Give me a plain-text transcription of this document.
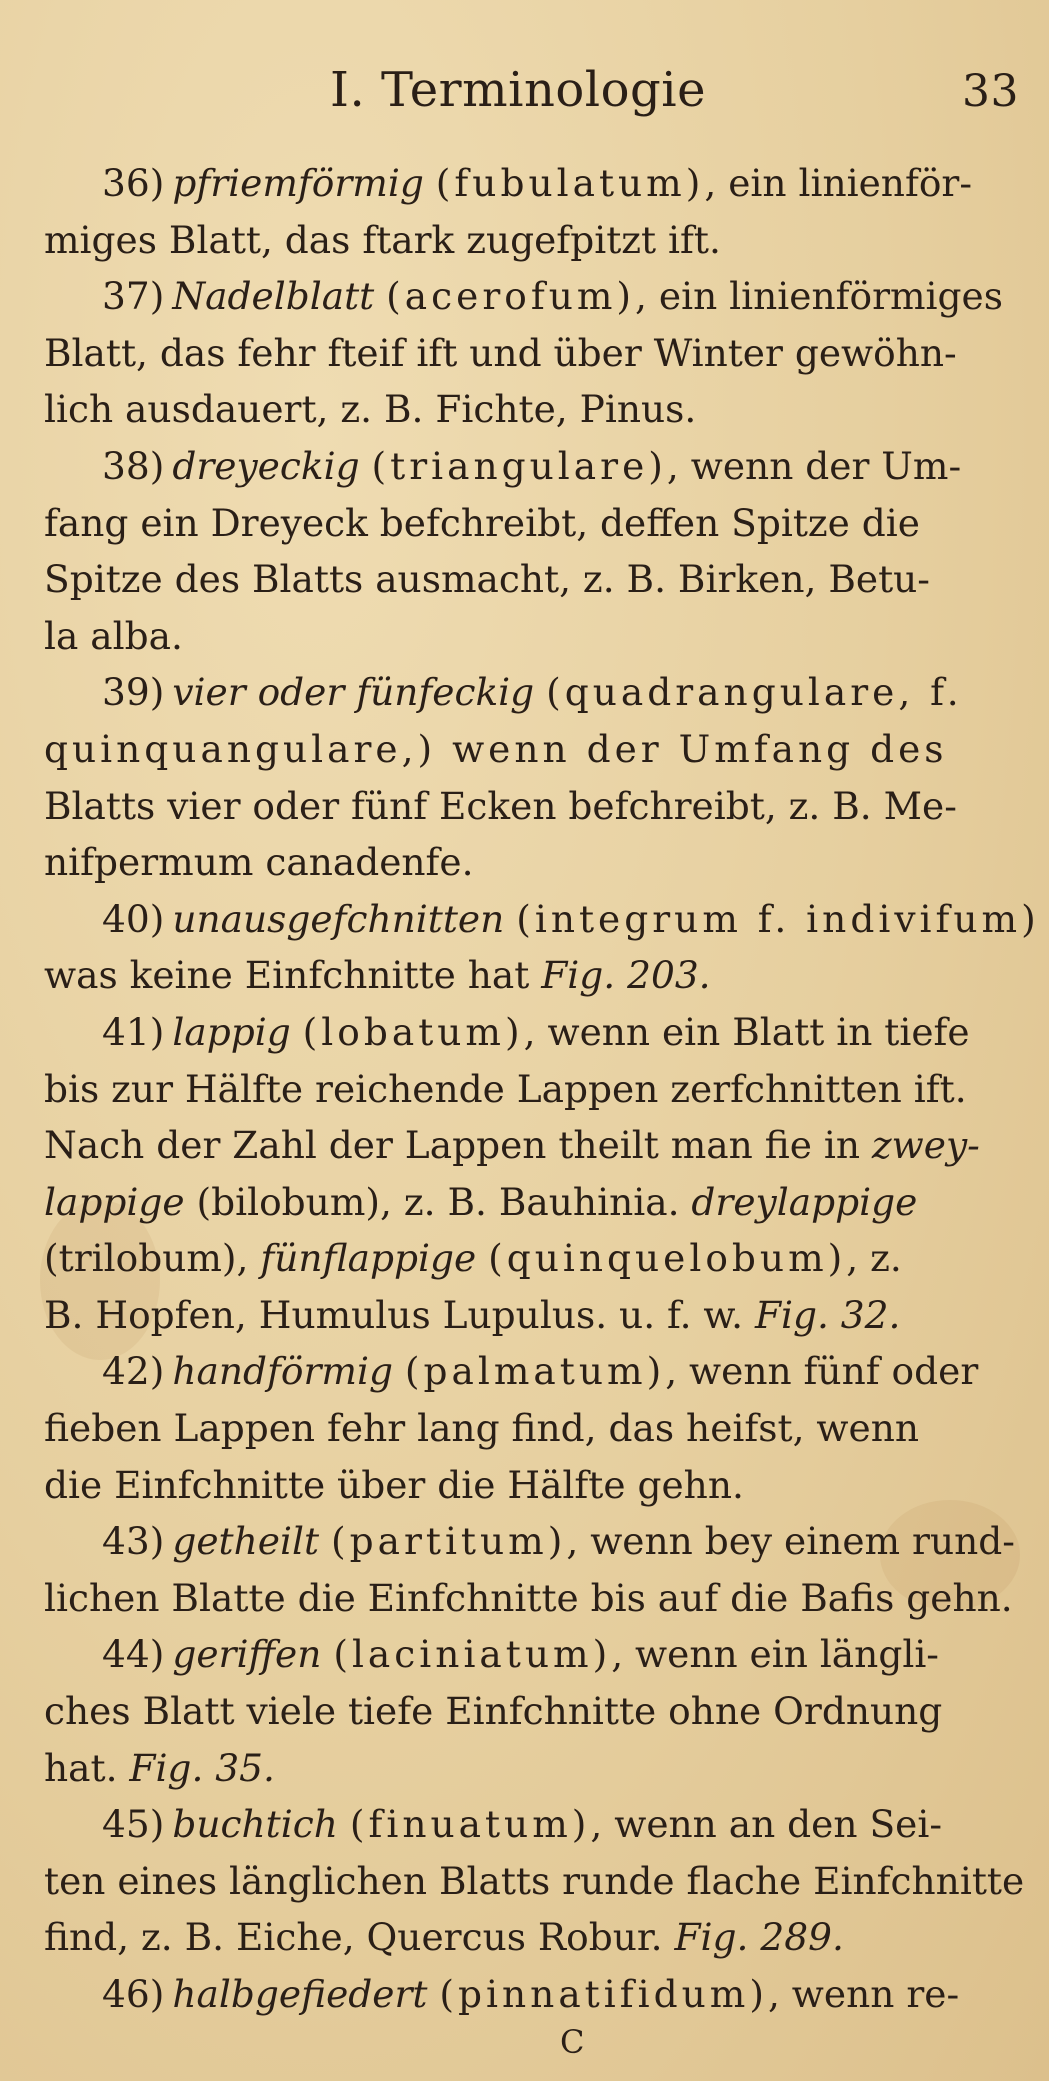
I. Terminologie	33
36) pfriemförmig (fubulatum), ein linienför-
miges Blatt, das ftark zugefpitzt ift.
37) Nadelblatt (acerofum), ein linienförmiges
Blatt, das fehr fteif ift und über Winter gewöhn-
lich ausdauert, z. B. Fichte, Pinus.
38) dreyeckig (triangulare), wenn der Um-
fang ein Dreyeck befchreibt, deffen Spitze die
Spitze des Blatts ausmacht, z. B. Birken, Betu-
la alba.
39) vier oder fünfeckig (quadrangulare, f.
quinquangulare,) wenn der Umfang des
Blatts vier oder fünf Ecken befchreibt, z. B. Me-
nifpermum canadenfe.
40) unausgefchnitten (integrum f. indivifum)
was keine Einfchnitte hat Fig. 203.
41) lappig (lobatum), wenn ein Blatt in tiefe
bis zur Hälfte reichende Lappen zerfchnitten ift.
Nach der Zahl der Lappen theilt man fie in zwey-
lappige (bilobum), z. B. Bauhinia. dreylappige
(trilobum), fünflappige (quinquelobum), z.
B. Hopfen, Humulus Lupulus. u. f. w. Fig. 32.
42) handförmig (palmatum), wenn fünf oder
fieben Lappen fehr lang find, das heifst, wenn
die Einfchnitte über die Hälfte gehn.
43) getheilt (partitum), wenn bey einem rund-
lichen Blatte die Einfchnitte bis auf die Bafis gehn.
44) geriffen (laciniatum), wenn ein längli-
ches Blatt viele tiefe Einfchnitte ohne Ordnung
hat. Fig. 35.
45) buchtich (finuatum), wenn an den Sei-
ten eines länglichen Blatts runde flache Einfchnitte
find, z. B. Eiche, Quercus Robur. Fig. 289.
46) halbgefiedert (pinnatifidum), wenn re-
C
